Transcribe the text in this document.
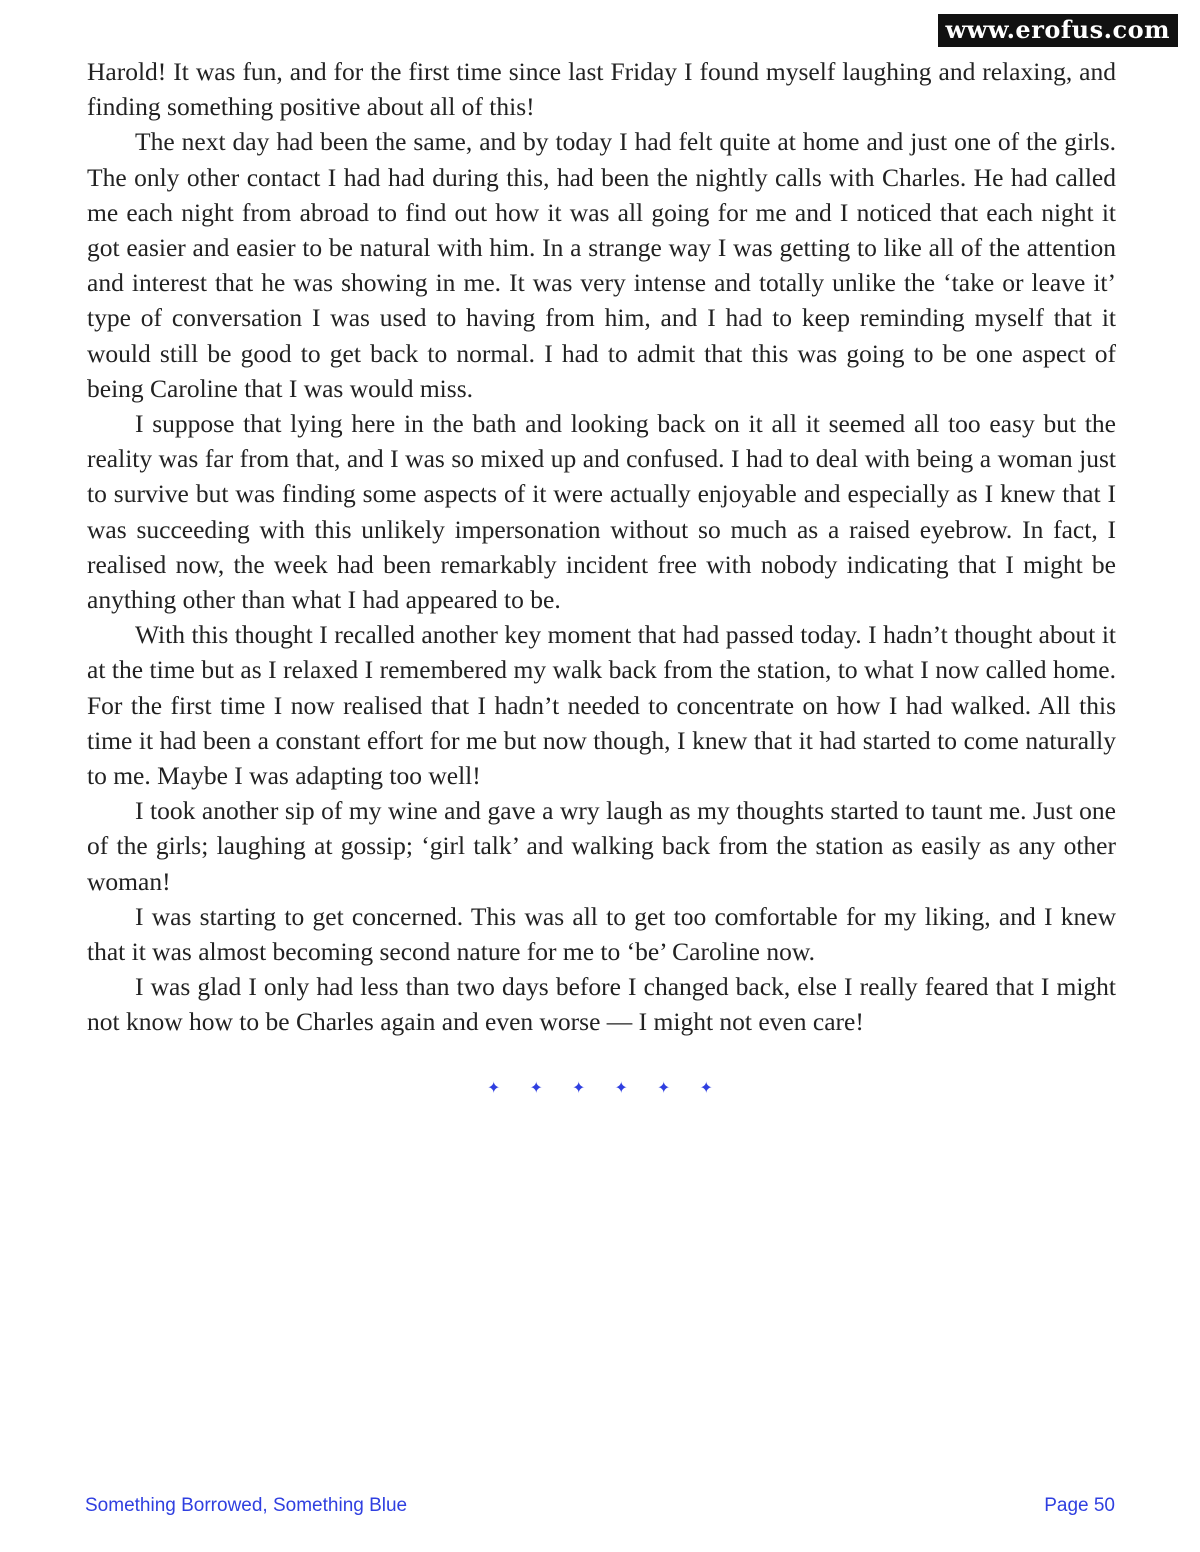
www.erofus.com

Harold! It was fun, and for the first time since last Friday I found myself laughing and relaxing, and finding something positive about all of this!

The next day had been the same, and by today I had felt quite at home and just one of the girls. The only other contact I had had during this, had been the nightly calls with Charles. He had called me each night from abroad to find out how it was all going for me and I noticed that each night it got easier and easier to be natural with him. In a strange way I was getting to like all of the attention and interest that he was showing in me. It was very intense and totally unlike the ‘take or leave it’ type of conversation I was used to having from him, and I had to keep reminding myself that it would still be good to get back to normal. I had to admit that this was going to be one aspect of being Caroline that I was would miss.

I suppose that lying here in the bath and looking back on it all it seemed all too easy but the reality was far from that, and I was so mixed up and confused. I had to deal with being a woman just to survive but was finding some aspects of it were actually enjoyable and especially as I knew that I was succeeding with this unlikely impersonation without so much as a raised eyebrow. In fact, I realised now, the week had been remarkably incident free with nobody indicating that I might be anything other than what I had appeared to be.

With this thought I recalled another key moment that had passed today. I hadn’t thought about it at the time but as I relaxed I remembered my walk back from the station, to what I now called home. For the first time I now realised that I hadn’t needed to concentrate on how I had walked. All this time it had been a constant effort for me but now though, I knew that it had started to come naturally to me. Maybe I was adapting too well!

I took another sip of my wine and gave a wry laugh as my thoughts started to taunt me. Just one of the girls; laughing at gossip; ‘girl talk’ and walking back from the station as easily as any other woman!

I was starting to get concerned. This was all to get too comfortable for my liking, and I knew that it was almost becoming second nature for me to ‘be’ Caroline now.

I was glad I only had less than two days before I changed back, else I really feared that I might not know how to be Charles again and even worse — I might not even care!

✦ ✦ ✦ ✦ ✦ ✦
Something Borrowed, Something Blue	Page 50
